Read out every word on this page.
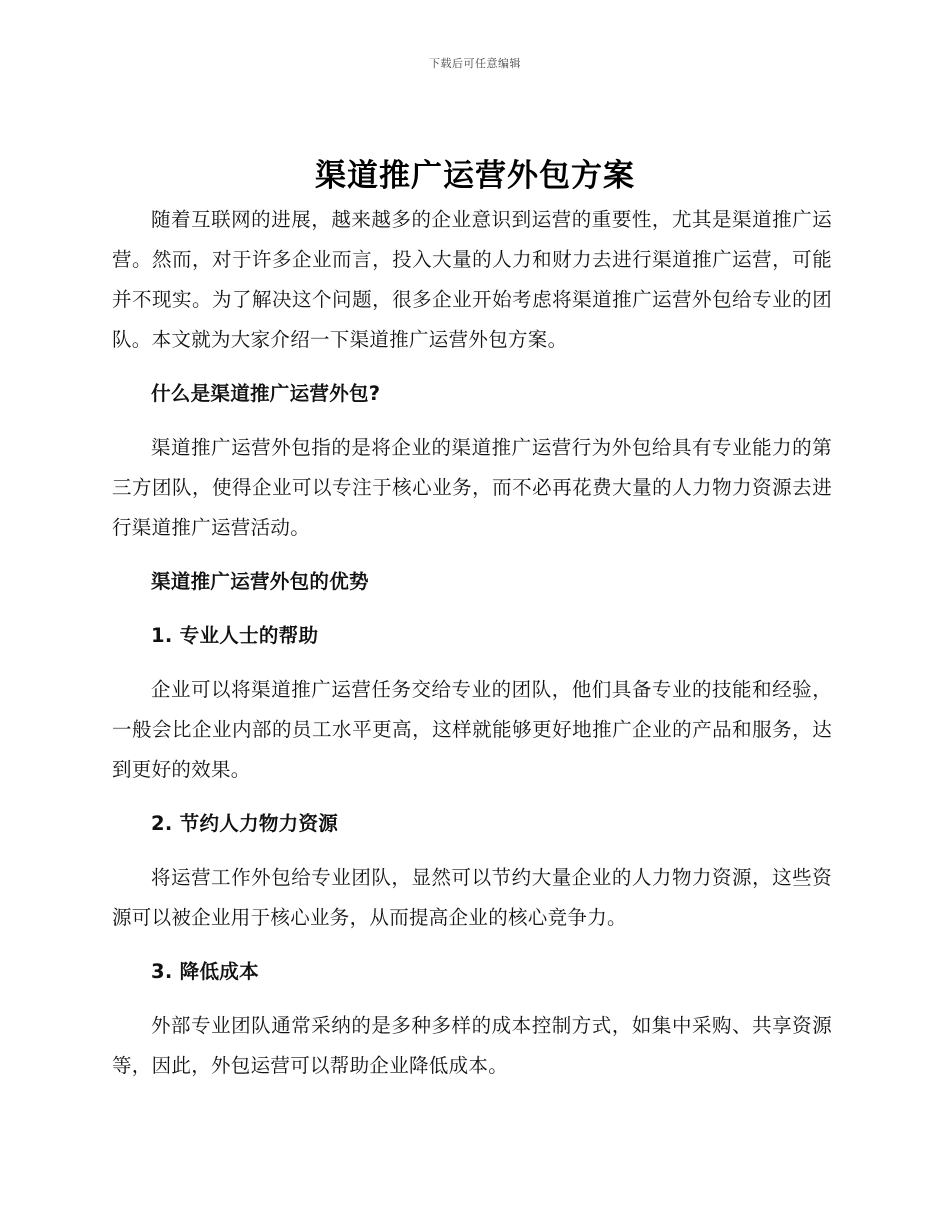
下载后可任意编辑
渠道推广运营外包方案

随着互联网的进展，越来越多的企业意识到运营的重要性，尤其是渠道推广运营。然而，对于许多企业而言，投入大量的人力和财力去进行渠道推广运营，可能并不现实。为了解决这个问题，很多企业开始考虑将渠道推广运营外包给专业的团队。本文就为大家介绍一下渠道推广运营外包方案。

什么是渠道推广运营外包?

渠道推广运营外包指的是将企业的渠道推广运营行为外包给具有专业能力的第三方团队，使得企业可以专注于核心业务，而不必再花费大量的人力物力资源去进行渠道推广运营活动。

渠道推广运营外包的优势
1. 专业人士的帮助

企业可以将渠道推广运营任务交给专业的团队，他们具备专业的技能和经验，一般会比企业内部的员工水平更高，这样就能够更好地推广企业的产品和服务，达到更好的效果。

2. 节约人力物力资源

将运营工作外包给专业团队，显然可以节约大量企业的人力物力资源，这些资源可以被企业用于核心业务，从而提高企业的核心竞争力。

3. 降低成本

外部专业团队通常采纳的是多种多样的成本控制方式，如集中采购、共享资源等，因此，外包运营可以帮助企业降低成本。
